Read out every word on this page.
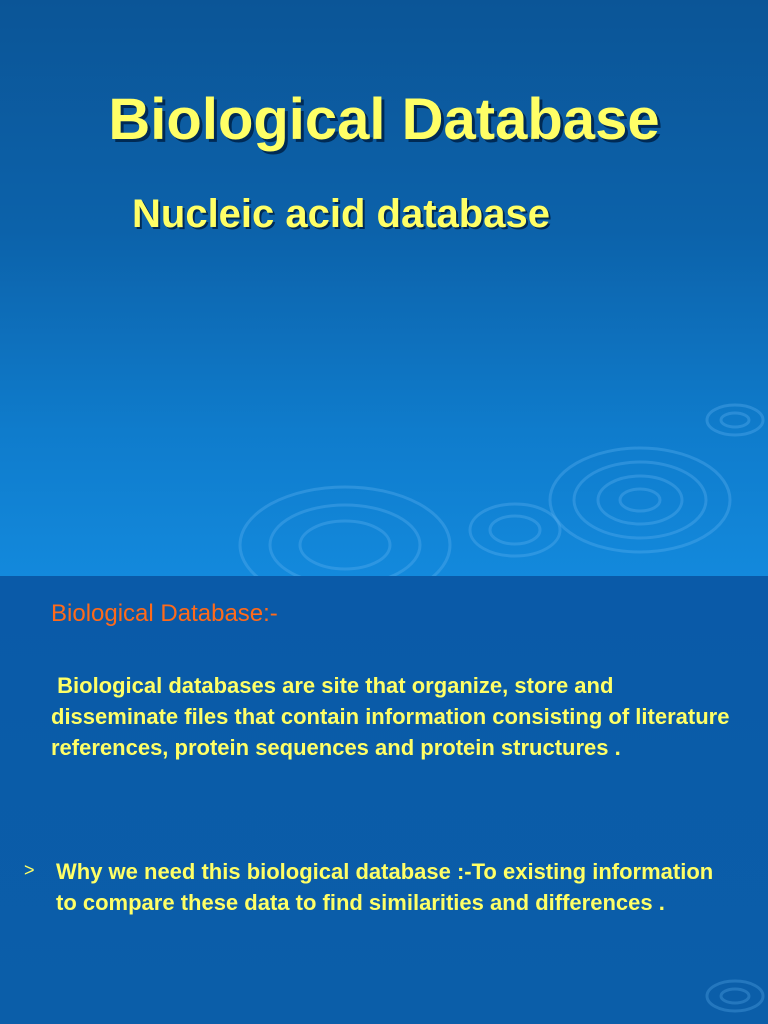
Biological Database
Nucleic acid database

Biological Database:-

Biological databases are site that organize, store and disseminate files that contain information consisting of literature references, protein sequences and protein structures .

> Why we need this biological database :-To existing information to compare these data to find similarities and differences .
